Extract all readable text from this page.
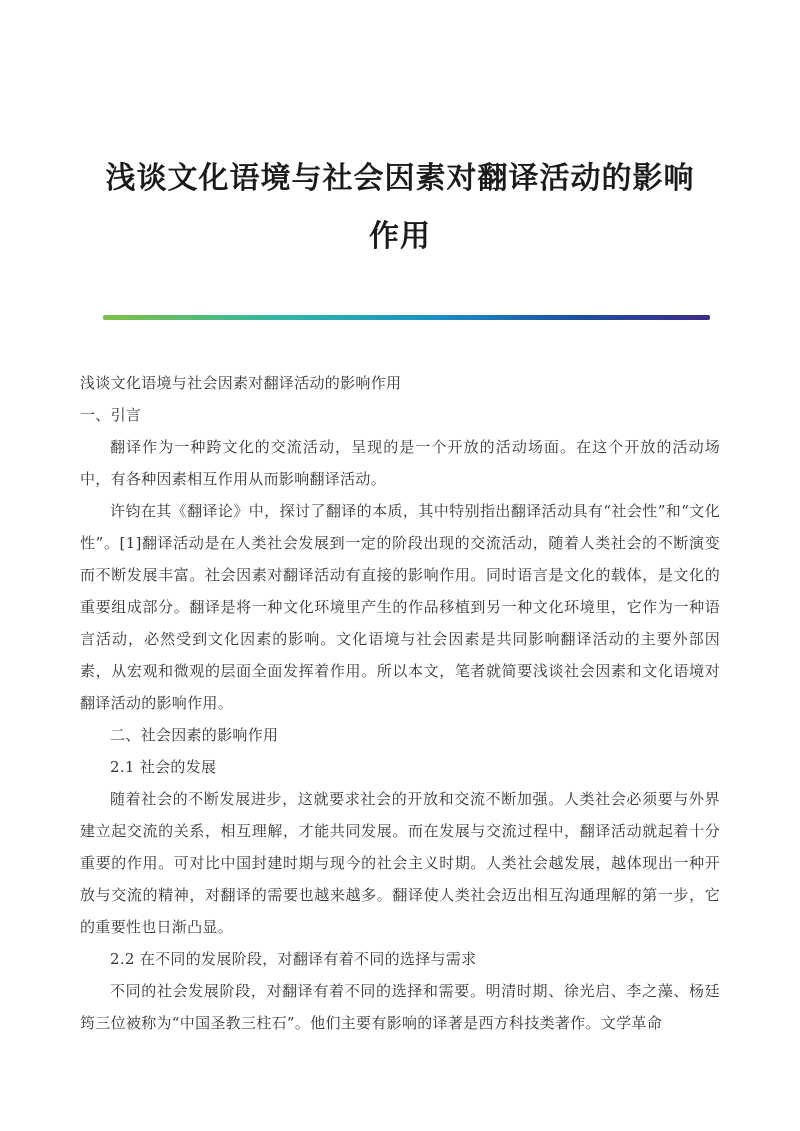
浅谈文化语境与社会因素对翻译活动的影响
作用

浅谈文化语境与社会因素对翻译活动的影响作用

一、引言

翻译作为一种跨文化的交流活动，呈现的是一个开放的活动场面。在这个开放的活动场中，有各种因素相互作用从而影响翻译活动。

许钧在其《翻译论》中，探讨了翻译的本质，其中特别指出翻译活动具有“社会性”和“文化性”。[1]翻译活动是在人类社会发展到一定的阶段出现的交流活动，随着人类社会的不断演变而不断发展丰富。社会因素对翻译活动有直接的影响作用。同时语言是文化的载体，是文化的重要组成部分。翻译是将一种文化环境里产生的作品移植到另一种文化环境里，它作为一种语言活动，必然受到文化因素的影响。文化语境与社会因素是共同影响翻译活动的主要外部因素，从宏观和微观的层面全面发挥着作用。所以本文，笔者就简要浅谈社会因素和文化语境对翻译活动的影响作用。

二、社会因素的影响作用

2.1 社会的发展

随着社会的不断发展进步，这就要求社会的开放和交流不断加强。人类社会必须要与外界建立起交流的关系，相互理解，才能共同发展。而在发展与交流过程中，翻译活动就起着十分重要的作用。可对比中国封建时期与现今的社会主义时期。人类社会越发展，越体现出一种开放与交流的精神，对翻译的需要也越来越多。翻译使人类社会迈出相互沟通理解的第一步，它的重要性也日渐凸显。

2.2 在不同的发展阶段，对翻译有着不同的选择与需求

不同的社会发展阶段，对翻译有着不同的选择和需要。明清时期、徐光启、李之藻、杨廷筠三位被称为“中国圣教三柱石”。他们主要有影响的译著是西方科技类著作。文学革命
